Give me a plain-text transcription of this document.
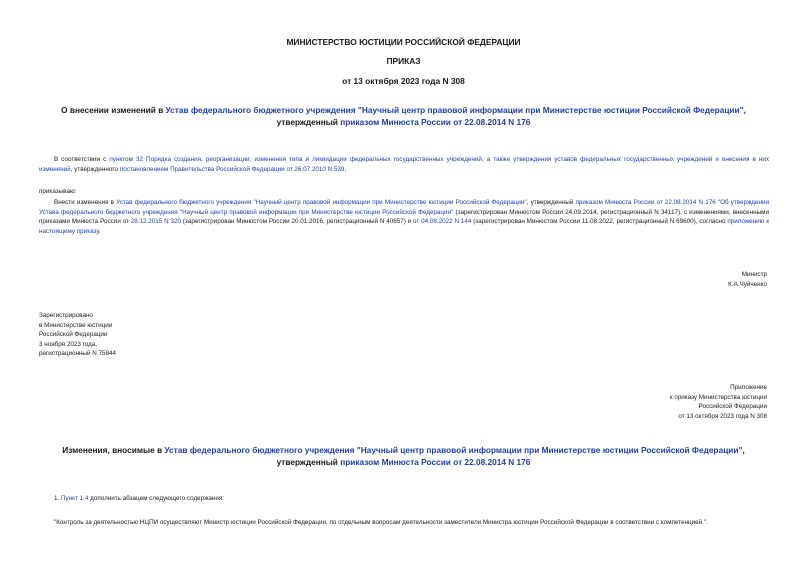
МИНИСТЕРСТВО ЮСТИЦИИ РОССИЙСКОЙ ФЕДЕРАЦИИ
ПРИКАЗ
от 13 октября 2023 года N 308
О внесении изменений в Устав федерального бюджетного учреждения "Научный центр правовой информации при Министерстве юстиции Российской Федерации", утвержденный приказом Минюста России от 22.08.2014 N 176
В соответствии с пунктом 32 Порядка создания, реорганизации, изменения типа и ликвидации федеральных государственных учреждений, а также утверждения уставов федеральных государственных учреждений и внесения в них изменений, утвержденного постановлением Правительства Российской Федерации от 26.07.2010 N 539,
приказываю:
Внести изменения в Устав федерального бюджетного учреждения "Научный центр правовой информации при Министерстве юстиции Российской Федерации", утвержденный приказом Минюста России от 22.08.2014 N 176 "Об утверждении Устава федерального бюджетного учреждения "Научный центр правовой информации при Министерстве юстиции Российской Федерации" (зарегистрирован Минюстом России 24.09.2014, регистрационный N 34117), с изменениями, внесенными приказами Минюста России от 28.12.2015 N 320 (зарегистрирован Минюстом России 20.01.2016, регистрационный N 40657) и от 04.08.2022 N 144 (зарегистрирован Минюстом России 11.08.2022, регистрационный N 69600), согласно приложению к настоящему приказу.
Министр
К.А.Чуйченко
Зарегистрировано
в Министерстве юстиции
Российской Федерации
3 ноября 2023 года,
регистрационный N 75844
Приложение
к приказу Министерства юстиции
Российской Федерации
от 13 октября 2023 года N 308
Изменения, вносимые в Устав федерального бюджетного учреждения "Научный центр правовой информации при Министерстве юстиции Российской Федерации", утвержденный приказом Минюста России от 22.08.2014 N 176
1. Пункт 1.4 дополнить абзацем следующего содержания:
"Контроль за деятельностью НЦПИ осуществляют Министр юстиции Российской Федерации, по отдельным вопросам деятельности заместители Министра юстиции Российской Федерации в соответствии с компетенцией.".
